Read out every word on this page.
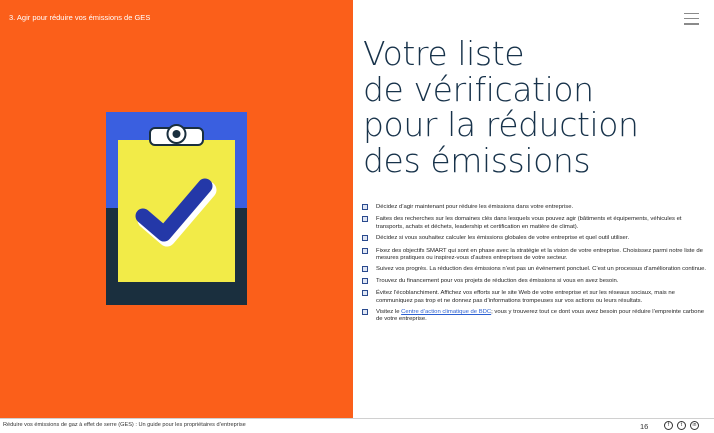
3. Agir pour réduire vos émissions de GES
Votre liste
de vérification
pour la réduction
des émissions
Décidez d’agir maintenant pour réduire les émissions dans votre entreprise.
Faites des recherches sur les domaines clés dans lesquels vous pouvez agir (bâtiments et équipements, véhicules et transports, achats et déchets, leadership et certification en matière de climat).
Décidez si vous souhaitez calculer les émissions globales de votre entreprise et quel outil utiliser.
Fixez des objectifs SMART qui sont en phase avec la stratégie et la vision de votre entreprise. Choisissez parmi notre liste de mesures pratiques ou inspirez-vous d’autres entreprises de votre secteur.
Suivez vos progrès. La réduction des émissions n’est pas un événement ponctuel. C’est un processus d’amélioration continue.
Trouvez du financement pour vos projets de réduction des émissions si vous en avez besoin.
Évitez l’écoblanchiment. Affichez vos efforts sur le site Web de votre entreprise et sur les réseaux sociaux, mais ne communiquez pas trop et ne donnez pas d’informations trompeuses sur vos actions ou leurs résultats.
Visitez le Centre d’action climatique de BDC; vous y trouverez tout ce dont vous avez besoin pour réduire l’empreinte carbone de votre entreprise.
Réduire vos émissions de gaz à effet de serre (GES) : Un guide pour les propriétaires d’entreprise	16	f	t	in
